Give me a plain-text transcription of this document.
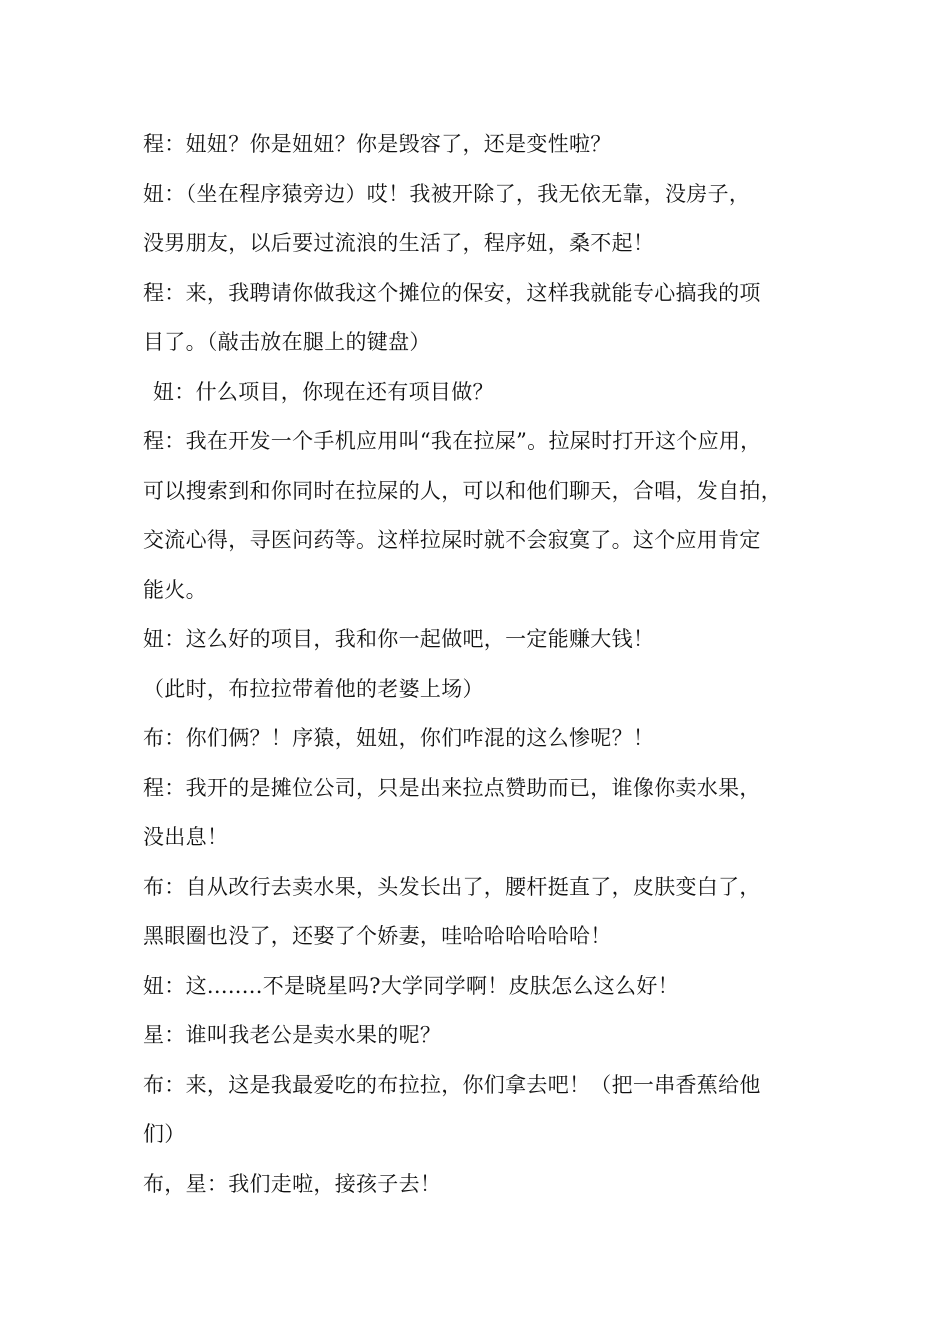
程：妞妞？你是妞妞？你是毁容了，还是变性啦？
妞：（坐在程序猿旁边）哎！我被开除了，我无依无靠，没房子，
没男朋友，以后要过流浪的生活了，程序妞，桑不起！
程：来，我聘请你做我这个摊位的保安，这样我就能专心搞我的项
目了。（敲击放在腿上的键盘）
妞：什么项目，你现在还有项目做？
程：我在开发一个手机应用叫“我在拉屎”。拉屎时打开这个应用，
可以搜索到和你同时在拉屎的人，可以和他们聊天，合唱，发自拍，
交流心得，寻医问药等。这样拉屎时就不会寂寞了。这个应用肯定
能火。
妞：这么好的项目，我和你一起做吧，一定能赚大钱！
（此时，布拉拉带着他的老婆上场）
布：你们俩？！序猿，妞妞，你们咋混的这么惨呢？！
程：我开的是摊位公司，只是出来拉点赞助而已，谁像你卖水果，
没出息！
布：自从改行去卖水果，头发长出了，腰杆挺直了，皮肤变白了，
黑眼圈也没了，还娶了个娇妻，哇哈哈哈哈哈哈！
妞：这........不是晓星吗?大学同学啊！皮肤怎么这么好！
星：谁叫我老公是卖水果的呢？
布：来，这是我最爱吃的布拉拉，你们拿去吧！（把一串香蕉给他
们）
布，星：我们走啦，接孩子去！
